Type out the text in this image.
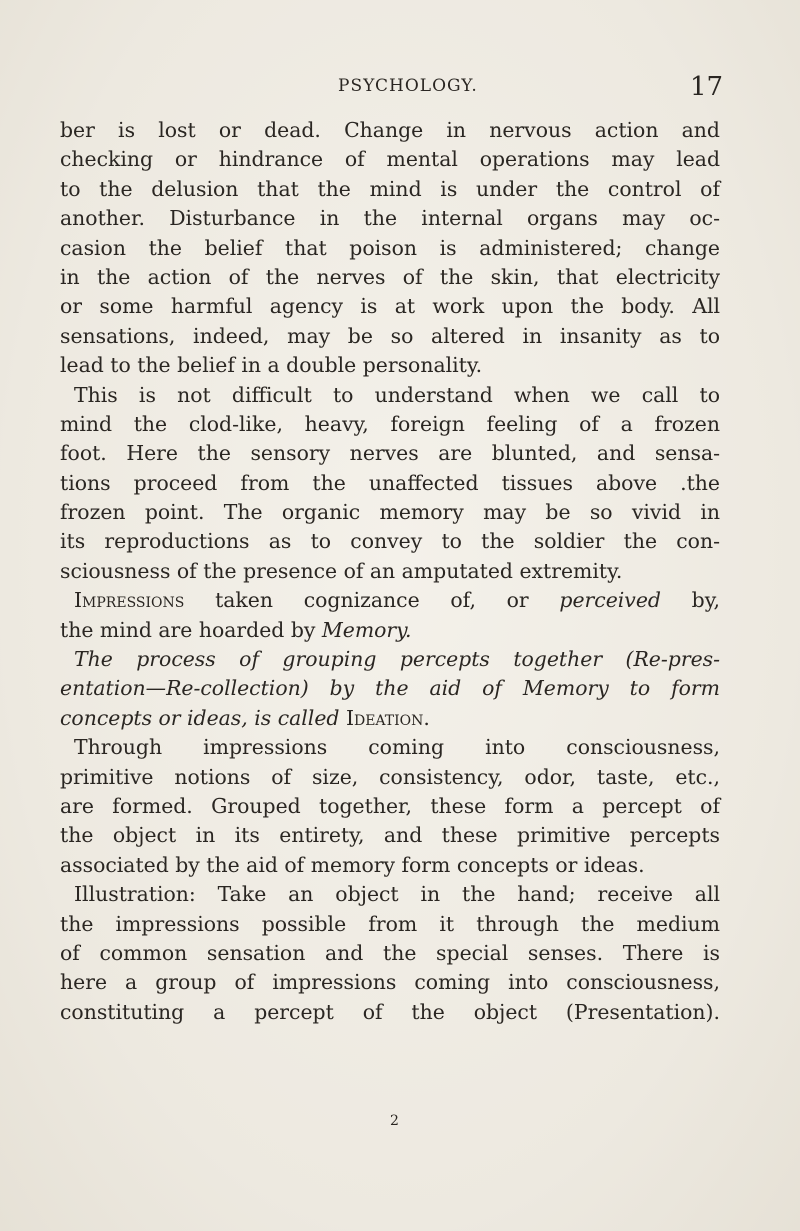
PSYCHOLOGY.	17
ber is lost or dead. Change in nervous action and
checking or hindrance of mental operations may lead
to the delusion that the mind is under the control of
another. Disturbance in the internal organs may oc-
casion the belief that poison is administered; change
in the action of the nerves of the skin, that electricity
or some harmful agency is at work upon the body. All
sensations, indeed, may be so altered in insanity as to
lead to the belief in a double personality.
This is not difficult to understand when we call to
mind the clod-like, heavy, foreign feeling of a frozen
foot. Here the sensory nerves are blunted, and sensa-
tions proceed from the unaffected tissues above .the
frozen point. The organic memory may be so vivid in
its reproductions as to convey to the soldier the con-
sciousness of the presence of an amputated extremity.
Impressions taken cognizance of, or perceived by,
the mind are hoarded by Memory.
The process of grouping percepts together (Re-pres-
entation—Re-collection) by the aid of Memory to form
concepts or ideas, is called Ideation.
Through impressions coming into consciousness,
primitive notions of size, consistency, odor, taste, etc.,
are formed. Grouped together, these form a percept of
the object in its entirety, and these primitive percepts
associated by the aid of memory form concepts or ideas.
Illustration: Take an object in the hand; receive all
the impressions possible from it through the medium
of common sensation and the special senses. There is
here a group of impressions coming into consciousness,
constituting a percept of the object (Presentation).
2
